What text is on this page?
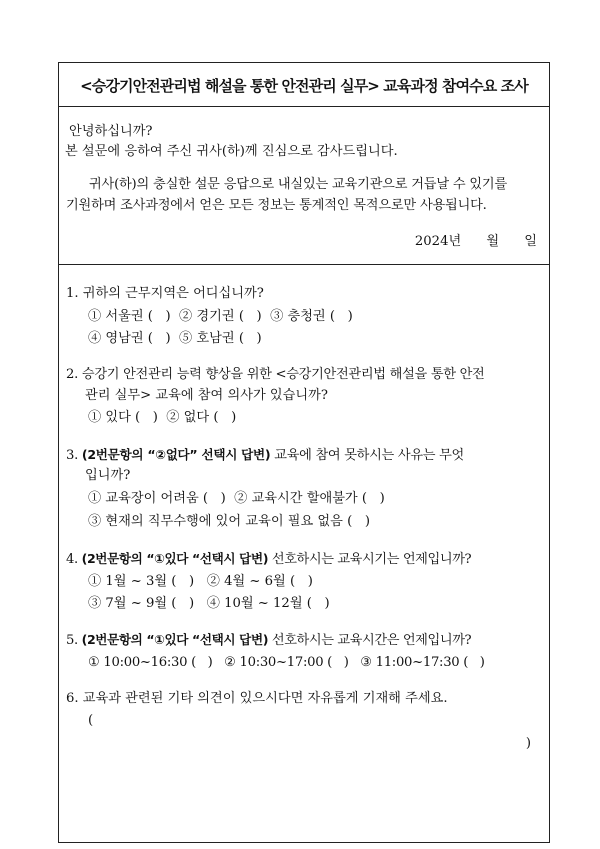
<승강기안전관리법 해설을 통한 안전관리 실무> 교육과정 참여수요 조사
안녕하십니까?
본 설문에 응하여 주신 귀사(하)께 진심으로 감사드립니다.
귀사(하)의 충실한 설문 응답으로 내실있는 교육기관으로 거듭날 수 있기를
기원하며 조사과정에서 얻은 모든 정보는 통계적인 목적으로만 사용됩니다.
2024년      월      일
1. 귀하의 근무지역은 어디십니까?
① 서울권 (   )  ② 경기권 (   )  ③ 충청권 (   )
④ 영남권 (   )  ⑤ 호남권 (   )
2. 승강기 안전관리 능력 향상을 위한 <승강기안전관리법 해설을 통한 안전
관리 실무> 교육에 참여 의사가 있습니까?
① 있다 (   )  ② 없다 (   )
3. (2번문항의 “②없다” 선택시 답변) 교육에 참여 못하시는 사유는 무엇
입니까?
① 교육장이 어려움 (   )  ② 교육시간 할애불가 (   )
③ 현재의 직무수행에 있어 교육이 필요 없음 (   )
4. (2번문항의 “①있다 “선택시 답변) 선호하시는 교육시기는 언제입니까?
① 1월 ~ 3월 (   )   ② 4월 ~ 6월 (   )
③ 7월 ~ 9월 (   )   ④ 10월 ~ 12월 (   )
5. (2번문항의 “①있다 “선택시 답변) 선호하시는 교육시간은 언제입니까?
① 10:00~16:30 (   )   ② 10:30~17:00 (   )   ③ 11:00~17:30 (   )
6. 교육과 관련된 기타 의견이 있으시다면 자유롭게 기재해 주세요.
(
)
